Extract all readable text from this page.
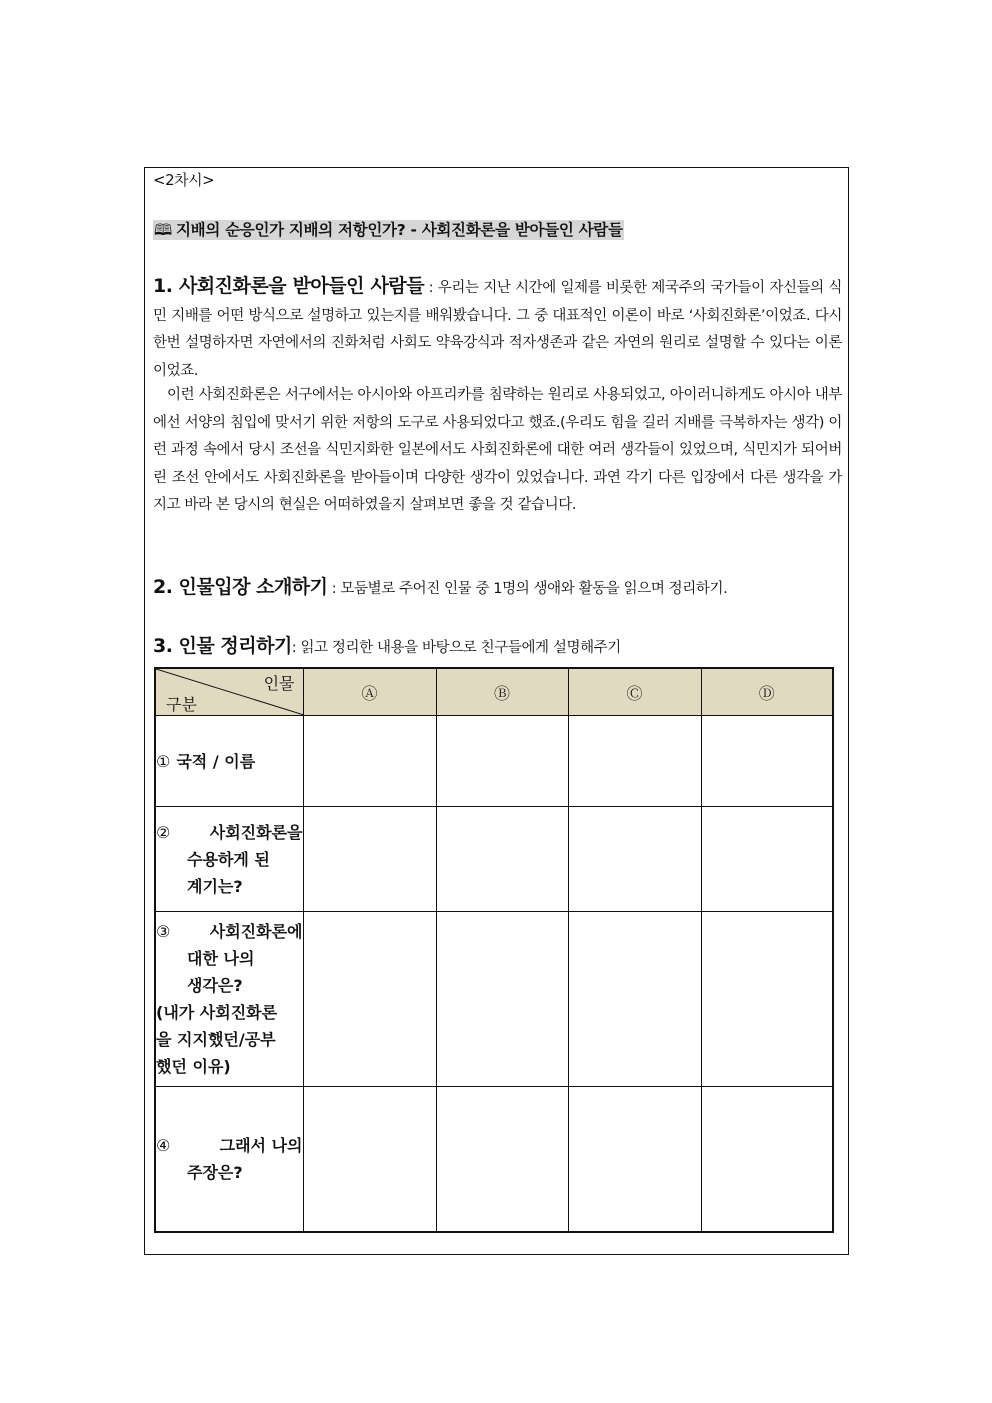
<2차시>
🕮 지배의 순응인가 지배의 저항인가? - 사회진화론을 받아들인 사람들
1. 사회진화론을 받아들인 사람들 : 우리는 지난 시간에 일제를 비롯한 제국주의 국가들이 자신들의 식민 지배를 어떤 방식으로 설명하고 있는지를 배워봤습니다. 그 중 대표적인 이론이 바로 ‘사회진화론’이었죠. 다시 한번 설명하자면 자연에서의 진화처럼 사회도 약육강식과 적자생존과 같은 자연의 원리로 설명할 수 있다는 이론이었죠.
이런 사회진화론은 서구에서는 아시아와 아프리카를 침략하는 원리로 사용되었고, 아이러니하게도 아시아 내부에선 서양의 침입에 맞서기 위한 저항의 도구로 사용되었다고 했죠.(우리도 힘을 길러 지배를 극복하자는 생각) 이런 과정 속에서 당시 조선을 식민지화한 일본에서도 사회진화론에 대한 여러 생각들이 있었으며, 식민지가 되어버린 조선 안에서도 사회진화론을 받아들이며 다양한 생각이 있었습니다. 과연 각기 다른 입장에서 다른 생각을 가지고 바라 본 당시의 현실은 어떠하였을지 살펴보면 좋을 것 같습니다.
2. 인물입장 소개하기 : 모둠별로 주어진 인물 중 1명의 생애와 활동을 읽으며 정리하기.
3. 인물 정리하기: 읽고 정리한 내용을 바탕으로 친구들에게 설명해주기
인물
구분	Ⓐ	Ⓑ	Ⓒ	Ⓓ
① 국적 / 이름				

② 사회진화론을
수용하게 된
계기는?				

③	사회진화론에
대한 나의
생각은?
(내가 사회진화론
을 지지했던/공부
했던 이유)

④ 그래서 나의
주장은?				
